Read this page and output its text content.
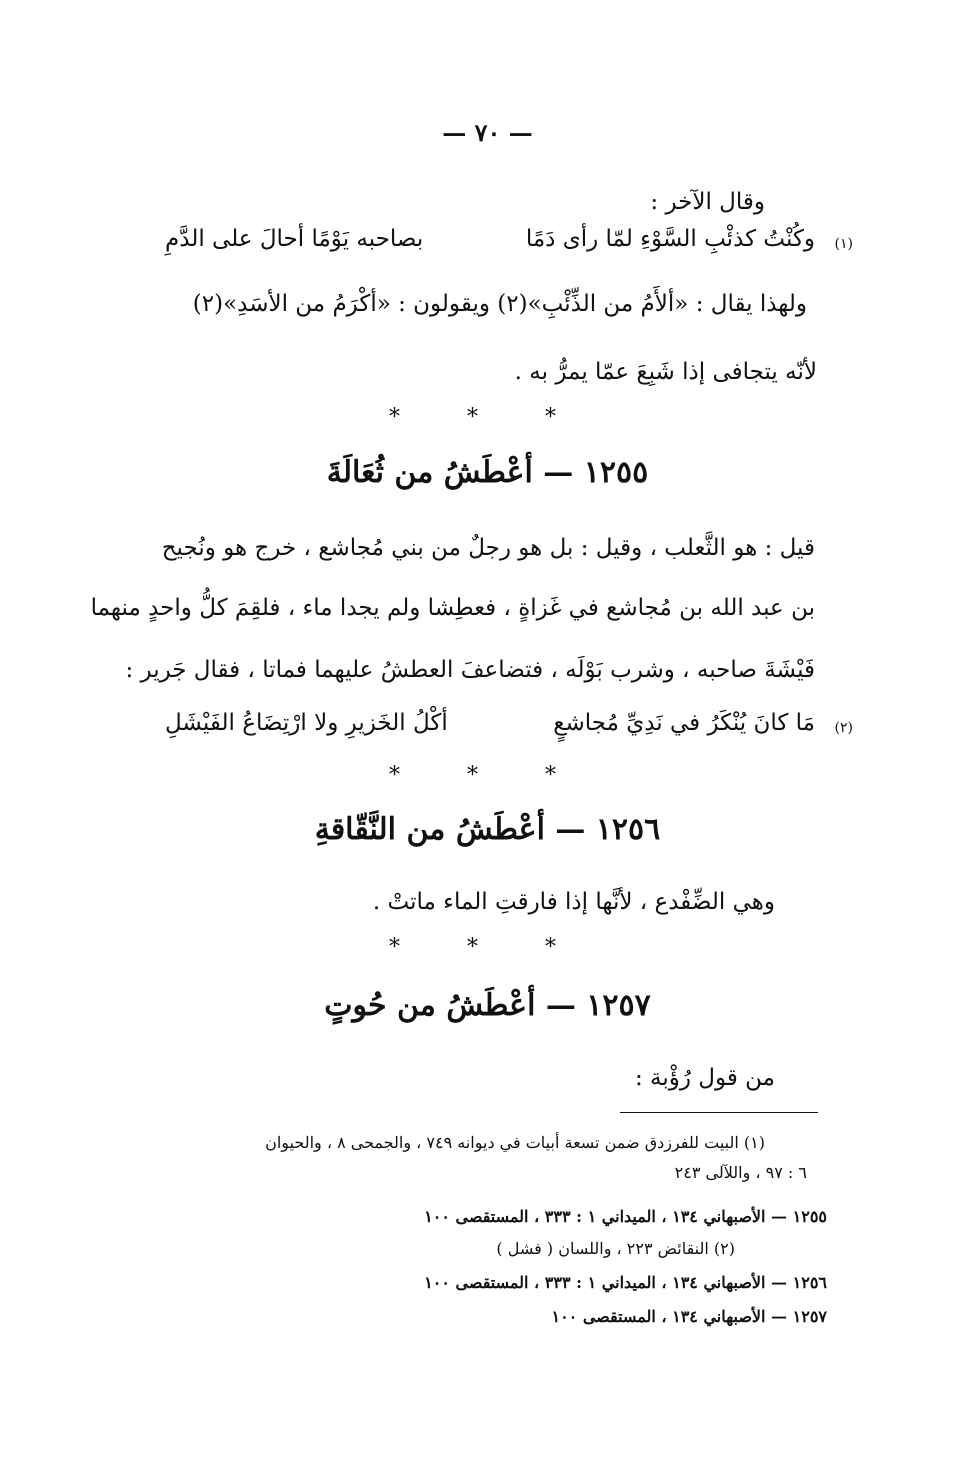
— ٧٠ —
وقال الآخر :
وكُنْتُ كذئْبِ السَّوْءِ لمّا رأى دَمًا
بصاحبه يَوْمًا أحالَ على الدَّمِ	(١)
ولهذا يقال : «ألأَمُ من الذِّئْبِ»(٢) ويقولون : «أكْرَمُ من الأسَدِ»(٢)
لأنّه يتجافى إذا شَبِعَ عمّا يمرُّ به .
* * *
١٢٥٥ — أعْطَشُ من ثُعَالَةَ
قيل : هو الثَّعلب ، وقيل : بل هو رجلٌ من بني مُجاشع ، خرج هو ونُجيح
بن عبد الله بن مُجاشع في غَزاةٍ ، فعطِشا ولم يجدا ماء ، فلقِمَ كلُّ واحدٍ منهما
فَيْشَةَ صاحبه ، وشرب بَوْلَه ، فتضاعفَ العطشُ عليهما فماتا ، فقال جَرير :
مَا كانَ يُنْكَرُ في نَدِيِّ مُجاشعٍ
أكْلُ الخَزيرِ ولا ارْتِضَاعُ الفَيْشَلِ	(٢)
* * *
١٢٥٦ — أعْطَشُ من النَّقّاقةِ
وهي الضِّفْدع ، لأنَّها إذا فارقتِ الماء ماتتْ .
* * *
١٢٥٧ — أعْطَشُ من حُوتٍ
من قول رُؤْبة :
(١) البيت للفرزدق ضمن تسعة أبيات في ديوانه ٧٤٩ ، والجمحى ٨ ، والحيوان
٦ : ٩٧ ، واللآلى ٢٤٣
١٢٥٥ — الأصبهاني ١٣٤ ، الميداني ١ : ٣٣٣ ، المستقصى ١٠٠
(٢) النقائض ٢٢٣ ، واللسان ( فشل )
١٢٥٦ — الأصبهاني ١٣٤ ، الميداني ١ : ٣٣٣ ، المستقصى ١٠٠
١٢٥٧ — الأصبهاني ١٣٤ ، المستقصى ١٠٠
